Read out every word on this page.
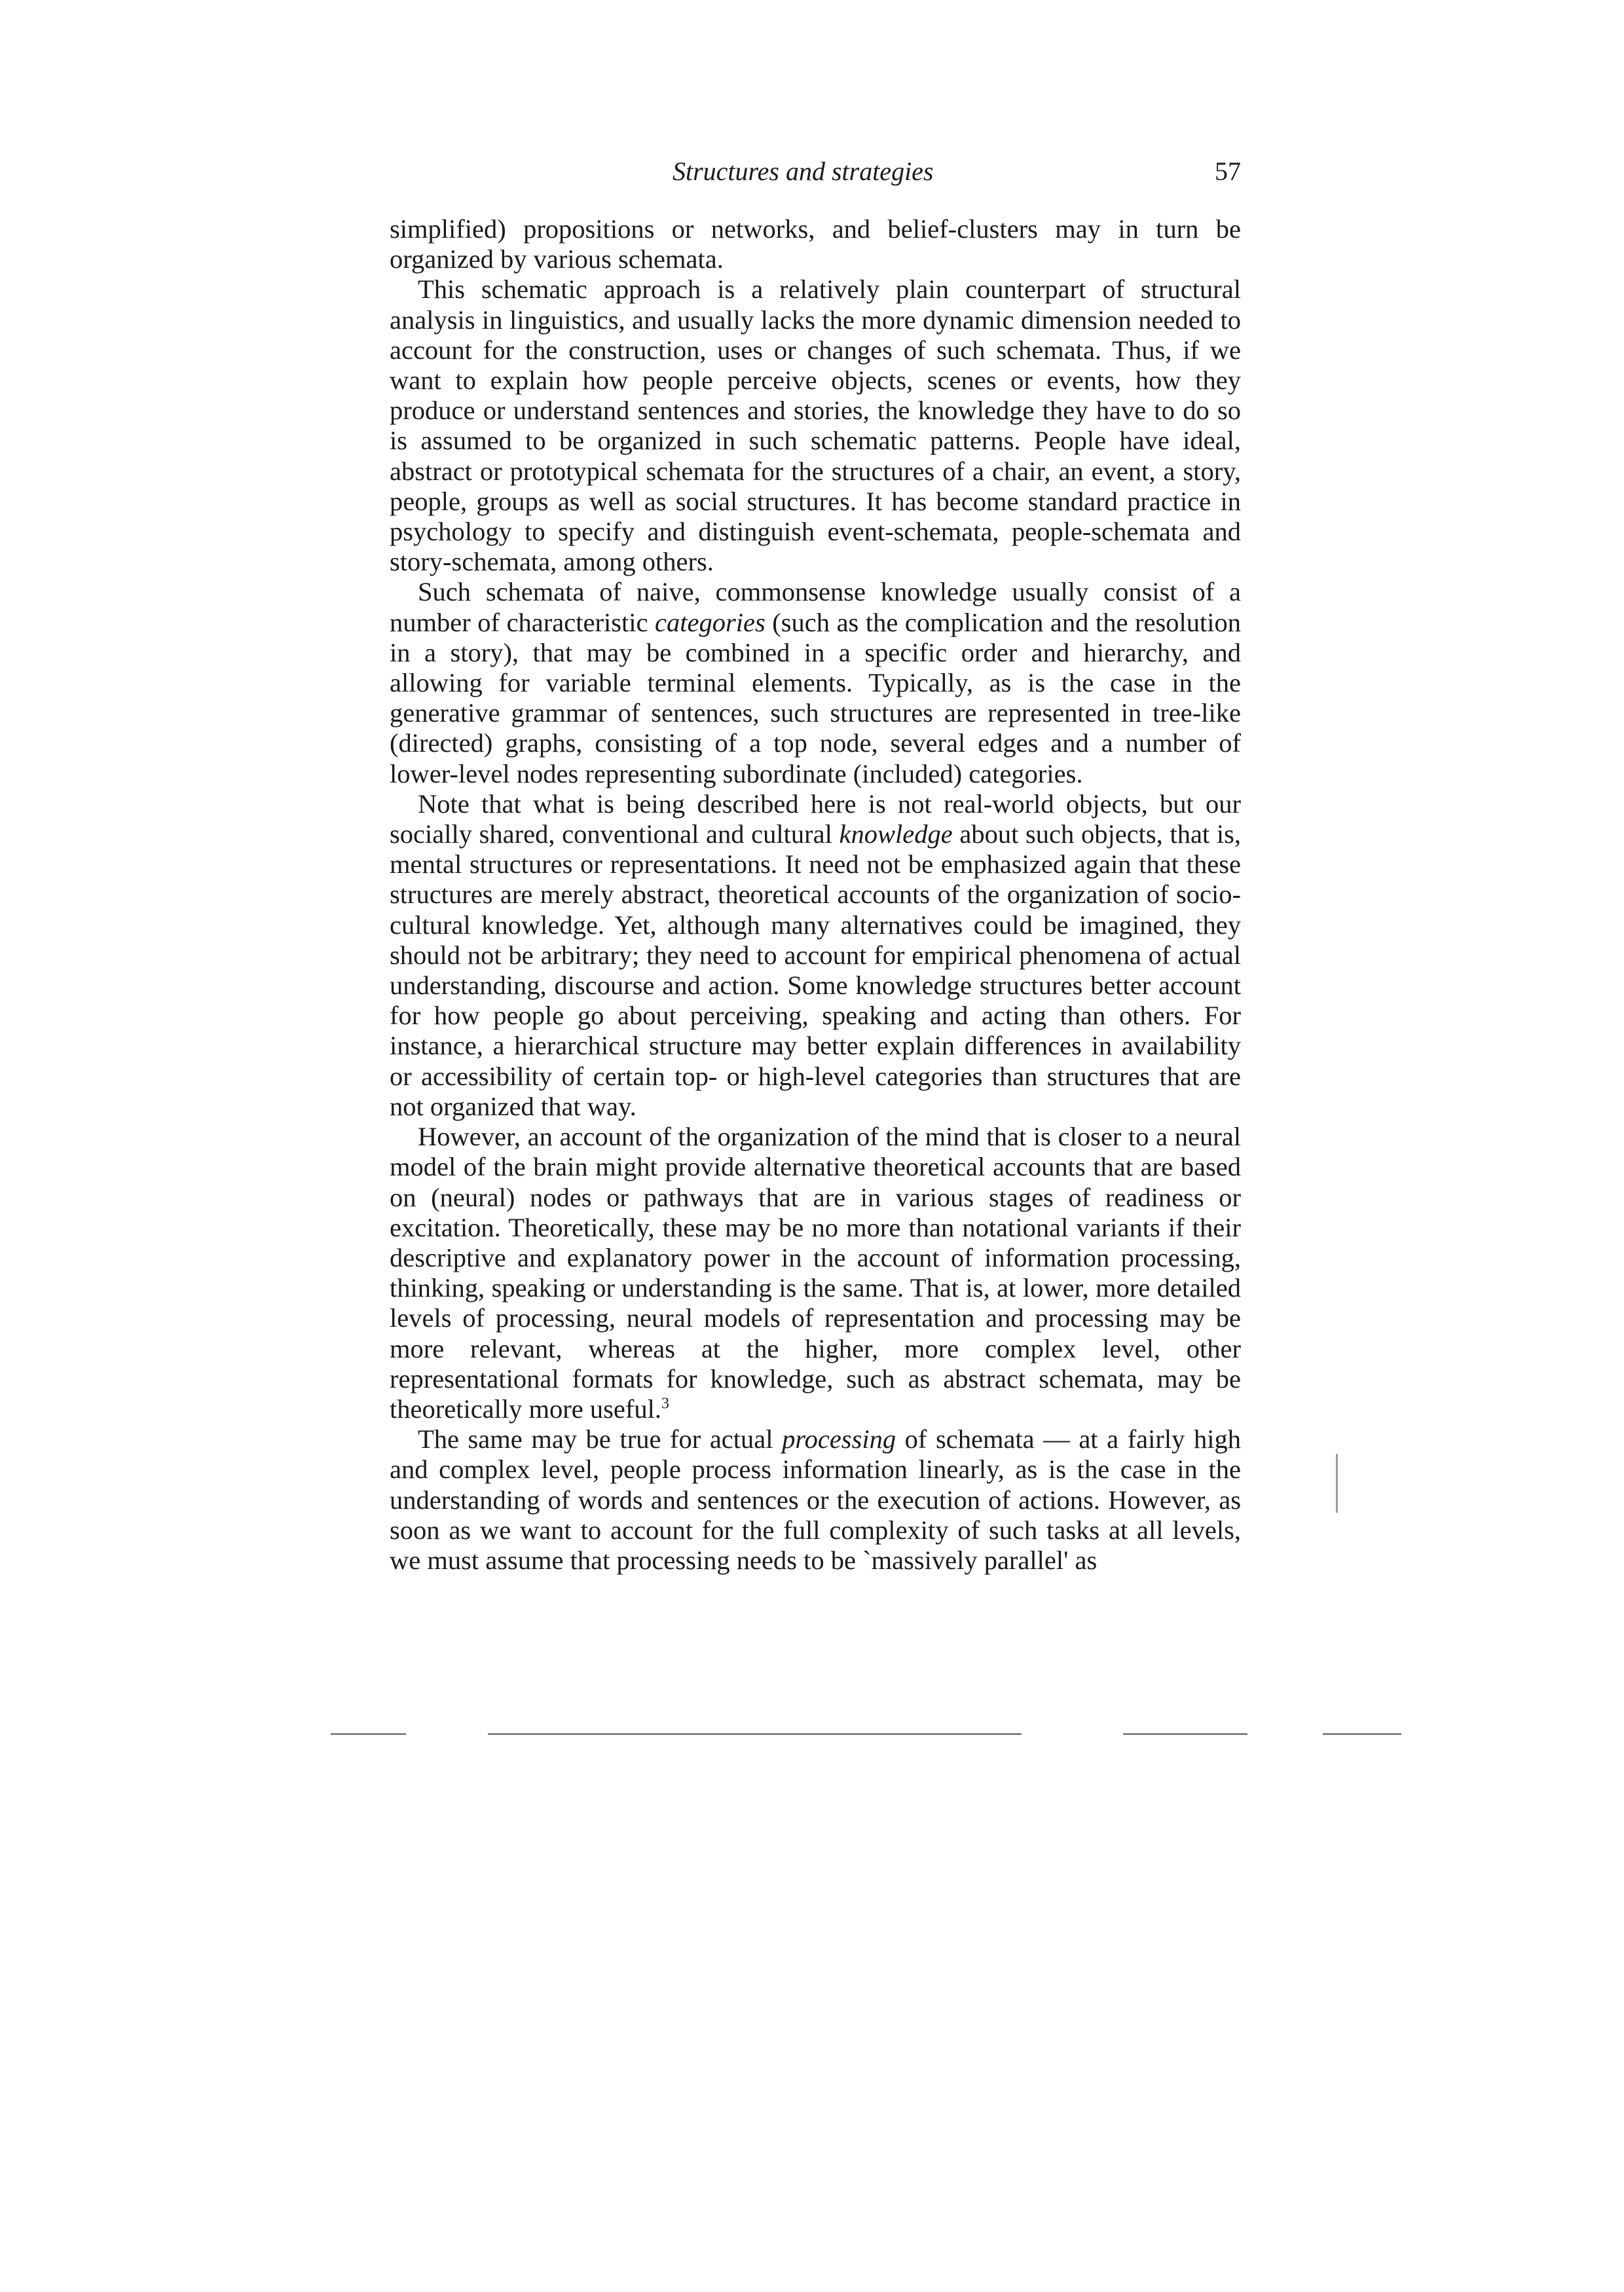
Structures and strategies	57

simplified) propositions or networks, and belief-clusters may in turn be organized by various schemata.

This schematic approach is a relatively plain counterpart of structural analysis in linguistics, and usually lacks the more dynamic dimension needed to account for the construction, uses or changes of such schemata. Thus, if we want to explain how people perceive objects, scenes or events, how they produce or understand sentences and stories, the knowledge they have to do so is assumed to be organized in such schematic patterns. People have ideal, abstract or prototypical schemata for the structures of a chair, an event, a story, people, groups as well as social structures. It has become standard practice in psychology to specify and distinguish event-schemata, people-schemata and story-schemata, among others.

Such schemata of naive, commonsense knowledge usually consist of a number of characteristic categories (such as the complication and the resolution in a story), that may be combined in a specific order and hierarchy, and allowing for variable terminal elements. Typically, as is the case in the generative grammar of sentences, such structures are represented in tree-like (directed) graphs, consisting of a top node, several edges and a number of lower-level nodes representing subordinate (included) categories.

Note that what is being described here is not real-world objects, but our socially shared, conventional and cultural knowledge about such objects, that is, mental structures or representations. It need not be emphasized again that these structures are merely abstract, theoretical accounts of the organization of socio-cultural knowledge. Yet, although many alternatives could be imagined, they should not be arbitrary; they need to account for empirical phenomena of actual understanding, discourse and action. Some knowledge structures better account for how people go about perceiving, speaking and acting than others. For instance, a hierarchical structure may better explain differences in availability or accessibility of certain top- or high-level categories than structures that are not organized that way.

However, an account of the organization of the mind that is closer to a neural model of the brain might provide alternative theoretical accounts that are based on (neural) nodes or pathways that are in various stages of readiness or excitation. Theoretically, these may be no more than notational variants if their descriptive and explanatory power in the account of information processing, thinking, speaking or understanding is the same. That is, at lower, more detailed levels of processing, neural models of representation and processing may be more relevant, whereas at the higher, more complex level, other representational formats for knowledge, such as abstract schemata, may be theoretically more useful.$^3$

The same may be true for actual processing of schemata — at a fairly high and complex level, people process information linearly, as is the case in the understanding of words and sentences or the execution of actions. However, as soon as we want to account for the full complexity of such tasks at all levels, we must assume that processing needs to be `massively parallel' as
